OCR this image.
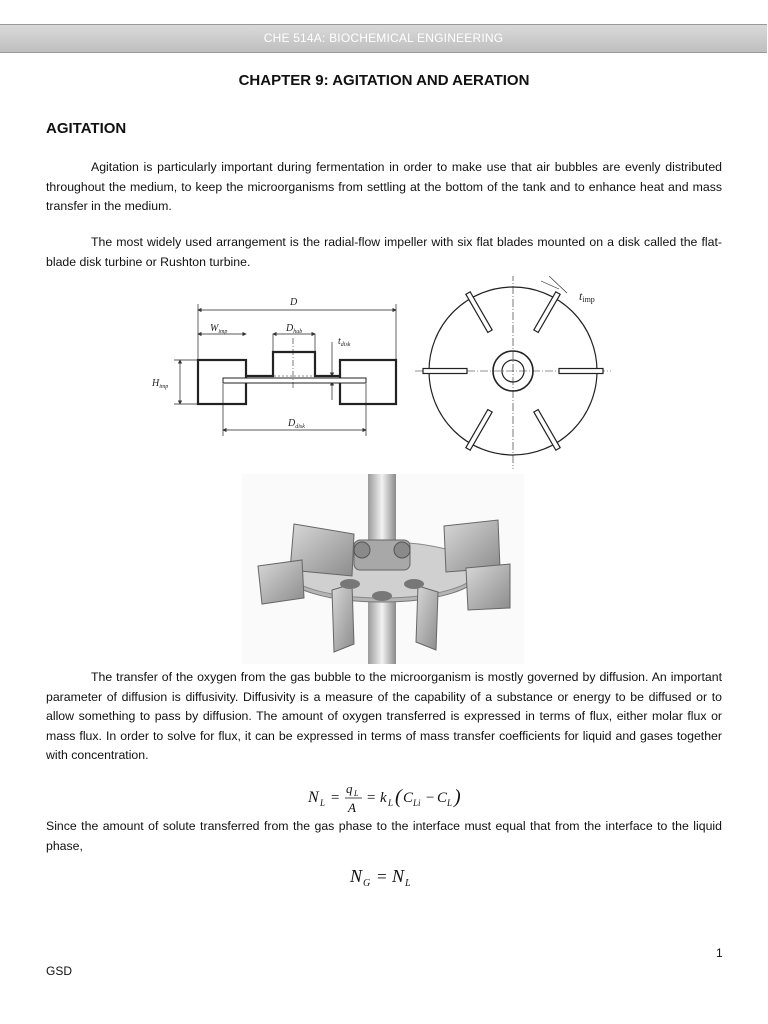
CHE 514A: BIOCHEMICAL ENGINEERING
CHAPTER 9: AGITATION AND AERATION
AGITATION

Agitation is particularly important during fermentation in order to make use that air bubbles are evenly distributed throughout the medium, to keep the microorganisms from settling at the bottom of the tank and to enhance heat and mass transfer in the medium.

The most widely used arrangement is the radial-flow impeller with six flat blades mounted on a disk called the flat-blade disk turbine or Rushton turbine.

D
$W_{imp}$	$D_{hub}$
$t_{disk}$
$H_{imp}$
$D_{disk}$
timp

The transfer of the oxygen from the gas bubble to the microorganism is mostly governed by diffusion. An important parameter of diffusion is diffusivity. Diffusivity is a measure of the capability of a substance or energy to be diffused or to allow something to pass by diffusion. The amount of oxygen transferred is expressed in terms of flux, either molar flux or mass flux. In order to solve for flux, it can be expressed in terms of mass transfer coefficients for liquid and gases together with concentration.

N L =
q L
A
= k L ( C Li − C L )

Since the amount of solute transferred from the gas phase to the interface must equal that from the interface to the liquid phase,

N G = N L
1
GSD
